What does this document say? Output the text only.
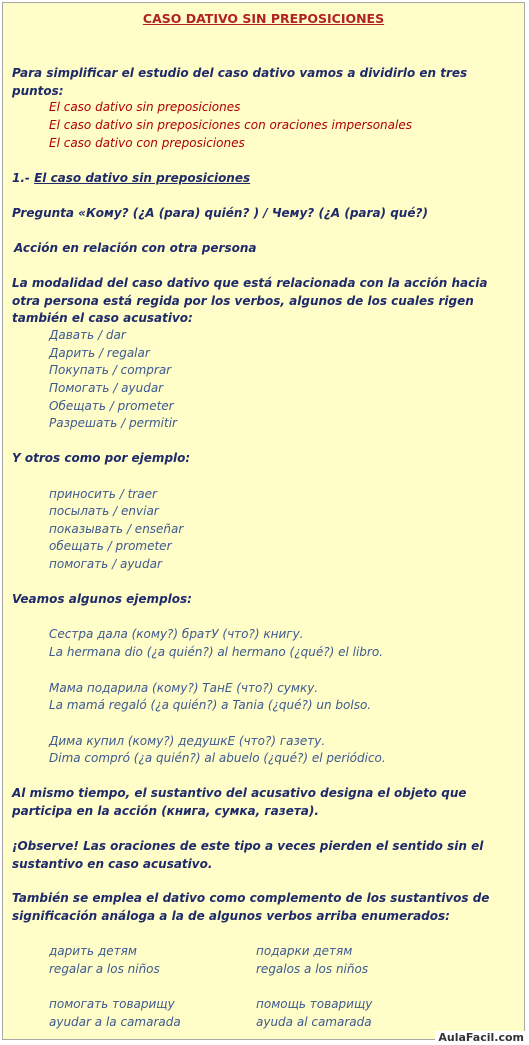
CASO DATIVO SIN PREPOSICIONES

Para simplificar el estudio del caso dativo vamos a dividirlo en tres puntos:

El caso dativo sin preposiciones

El caso dativo sin preposiciones con oraciones impersonales

El caso dativo con preposiciones

1.- El caso dativo sin preposiciones

Pregunta «Кому? (¿A (para) quién? ) / Чему? (¿A (para) qué?)

Acción en relación con otra persona

La modalidad del caso dativo que está relacionada con la acción hacia otra persona está regida por los verbos, algunos de los cuales rigen también el caso acusativo:

Давать / dar

Дарить / regalar

Покупать / comprar

Помогать / ayudar

Обещать / prometer

Разрешать / permitir

Y otros como por ejemplo:

приносить / traer

посылать / enviar

показывать / enseñar

обещать / prometer

помогать / ayudar

Veamos algunos ejemplos:

Сестра дала (кому?) братУ (что?) книгу.

La hermana dio (¿a quién?) al hermano (¿qué?) el libro.

Мама подарила (кому?) ТанЕ (что?) сумку.

La mamá regaló (¿a quién?) a Tania (¿qué?) un bolso.

Дима купил (кому?) дедушкЕ (что?) газету.

Dima compró (¿a quién?) al abuelo (¿qué?) el periódico.

Al mismo tiempo, el sustantivo del acusativo designa el objeto que participa en la acción (книга, сумка, газета).

¡Observe! Las oraciones de este tipo a veces pierden el sentido sin el sustantivo en caso acusativo.

También se emplea el dativo como complemento de los sustantivos de significación análoga a la de algunos verbos arriba enumerados:

дарить детям	подарки детям

regalar a los niños	regalos a los niños

помогать товарищу	помощь товарищу

ayudar a la camarada	ayuda al camarada

AulaFacil.com
